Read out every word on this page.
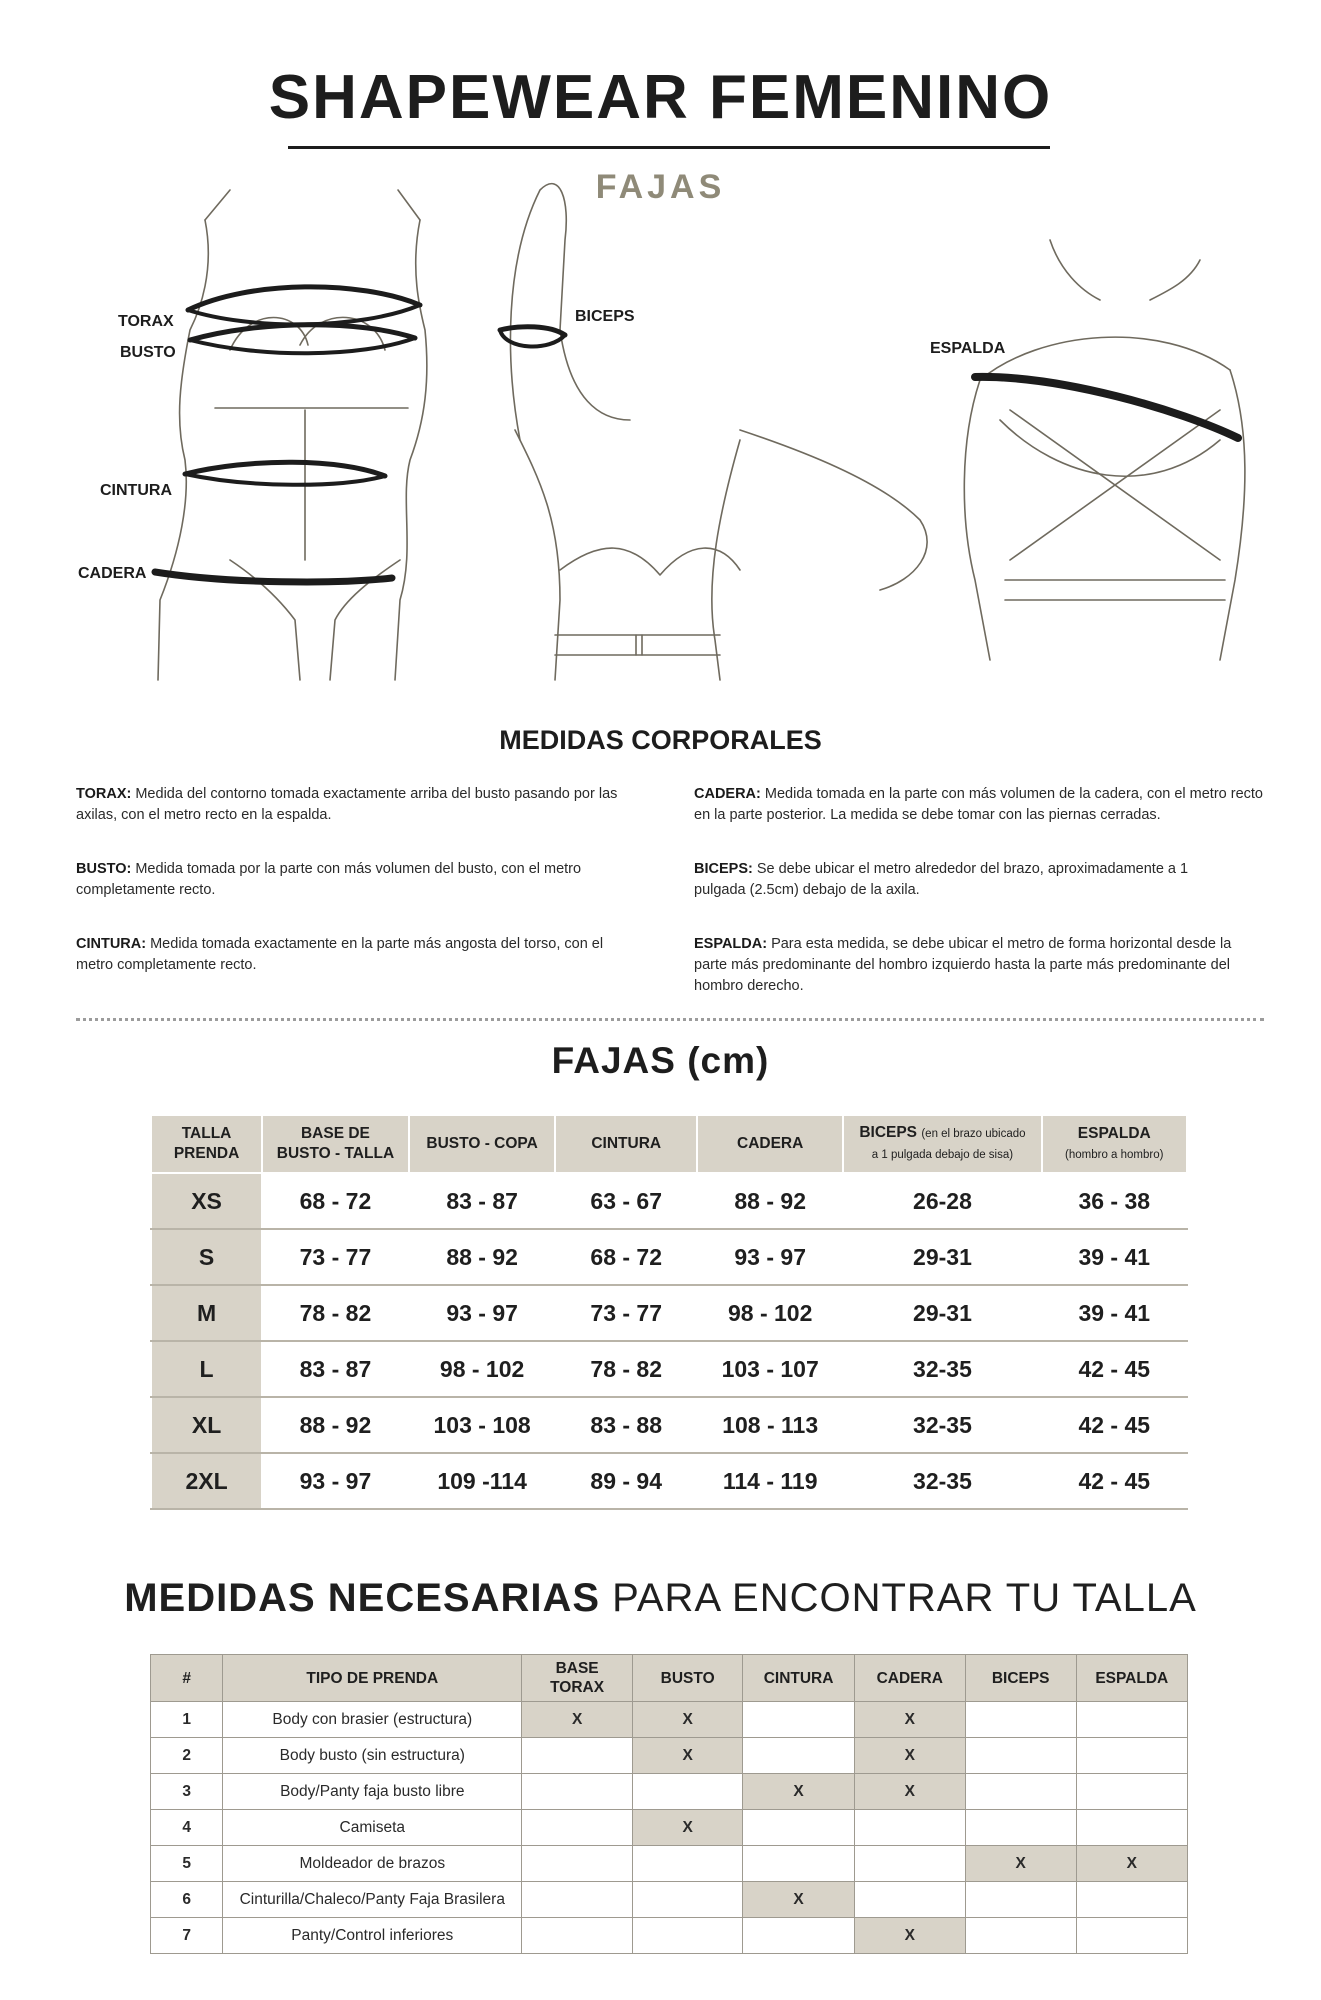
SHAPEWEAR FEMENINO
FAJAS
TORAX
BUSTO
CINTURA
CADERA
BICEPS
ESPALDA
MEDIDAS CORPORALES
TORAX: Medida del contorno tomada exactamente arriba del busto pasando por las axilas, con el metro recto en la espalda.
BUSTO: Medida tomada por la parte con más volumen del busto, con el metro completamente recto.
CINTURA: Medida tomada exactamente en la parte más angosta del torso, con el metro completamente recto.
CADERA: Medida tomada en la parte con más volumen de la cadera, con el metro recto en la parte posterior. La medida se debe tomar con las piernas cerradas.
BICEPS: Se debe ubicar el metro alrededor del brazo, aproximadamente a 1 pulgada (2.5cm) debajo de la axila.
ESPALDA: Para esta medida, se debe ubicar el metro de forma horizontal desde la parte más predominante del hombro izquierdo hasta la parte más predominante del hombro derecho.
FAJAS (cm)
TALLA
PRENDA	BASE DE
BUSTO - TALLA	BUSTO - COPA	CINTURA	CADERA	BICEPS (en el brazo ubicado
a 1 pulgada debajo de sisa)	ESPALDA
(hombro a hombro)
XS	68 - 72	83 - 87	63 - 67	88 - 92	26-28	36 - 38
S	73 - 77	88 - 92	68 - 72	93 - 97	29-31	39 - 41
M	78 - 82	93 - 97	73 - 77	98 - 102	29-31	39 - 41
L	83 - 87	98 - 102	78 - 82	103 - 107	32-35	42 - 45
XL	88 - 92	103 - 108	83 - 88	108 - 113	32-35	42 - 45
2XL	93 - 97	109 -114	89 - 94	114 - 119	32-35	42 - 45
MEDIDAS NECESARIAS PARA ENCONTRAR TU TALLA
#	TIPO DE PRENDA	BASE
TORAX	BUSTO	CINTURA	CADERA	BICEPS	ESPALDA
1	Body con brasier (estructura)	X	X		X		
2	Body busto (sin estructura)		X		X		
3	Body/Panty faja busto libre			X	X		
4	Camiseta		X				
5	Moldeador de brazos					X	X
6	Cinturilla/Chaleco/Panty Faja Brasilera			X			
7	Panty/Control inferiores				X		
